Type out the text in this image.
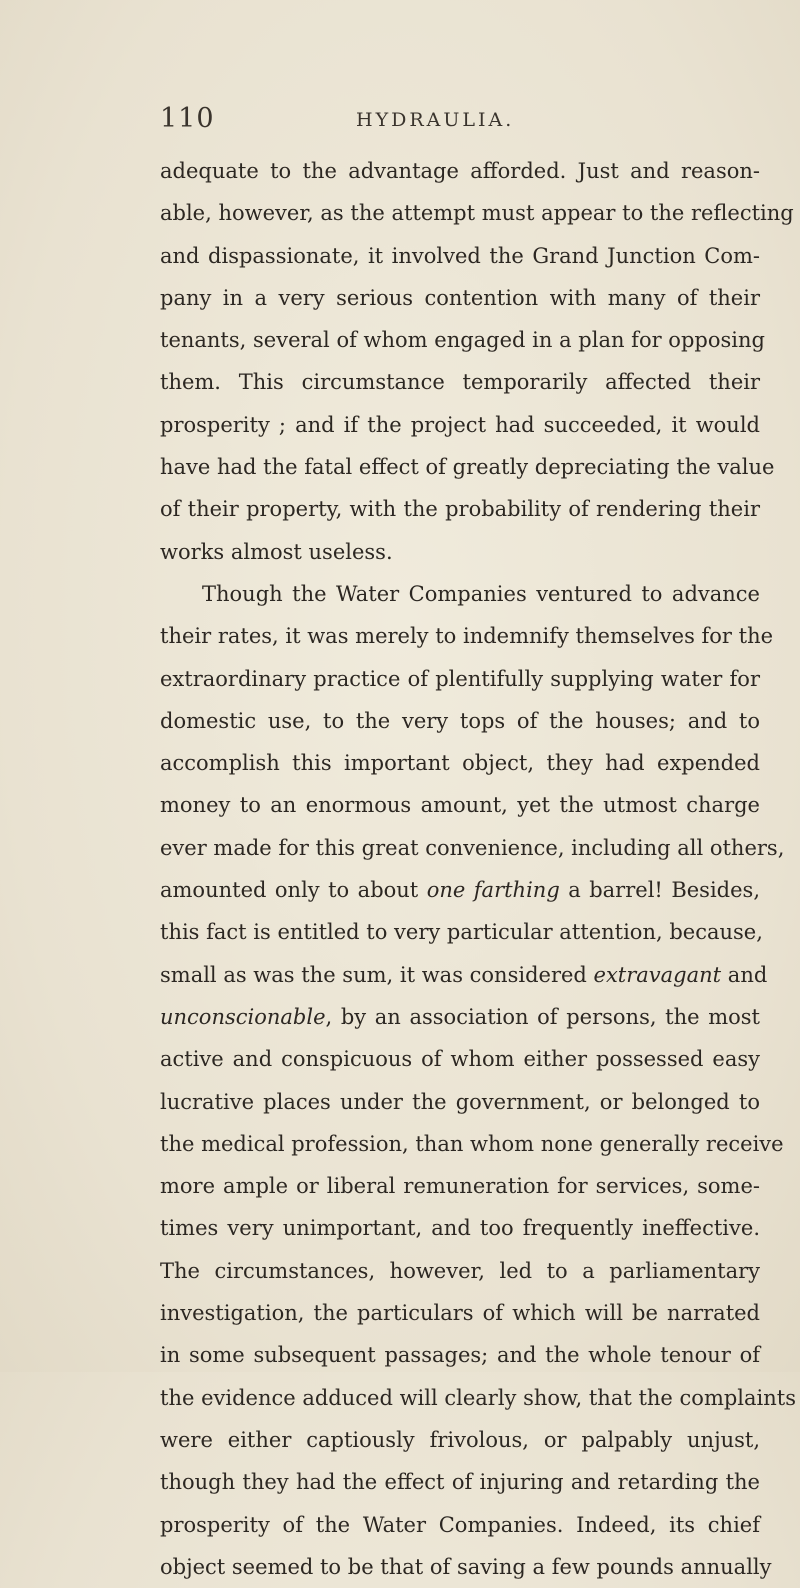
110	HYDRAULIA.
adequate to the advantage afforded. Just and reason-
able, however, as the attempt must appear to the reflecting
and dispassionate, it involved the Grand Junction Com-
pany in a very serious contention with many of their
tenants, several of whom engaged in a plan for opposing
them. This circumstance temporarily affected their
prosperity ; and if the project had succeeded, it would
have had the fatal effect of greatly depreciating the value
of their property, with the probability of rendering their
works almost useless.
Though the Water Companies ventured to advance
their rates, it was merely to indemnify themselves for the
extraordinary practice of plentifully supplying water for
domestic use, to the very tops of the houses; and to
accomplish this important object, they had expended
money to an enormous amount, yet the utmost charge
ever made for this great convenience, including all others,
amounted only to about one farthing a barrel! Besides,
this fact is entitled to very particular attention, because,
small as was the sum, it was considered extravagant and
unconscionable, by an association of persons, the most
active and conspicuous of whom either possessed easy
lucrative places under the government, or belonged to
the medical profession, than whom none generally receive
more ample or liberal remuneration for services, some-
times very unimportant, and too frequently ineffective.
The circumstances, however, led to a parliamentary
investigation, the particulars of which will be narrated
in some subsequent passages; and the whole tenour of
the evidence adduced will clearly show, that the complaints
were either captiously frivolous, or palpably unjust,
though they had the effect of injuring and retarding the
prosperity of the Water Companies. Indeed, its chief
object seemed to be that of saving a few pounds annually
